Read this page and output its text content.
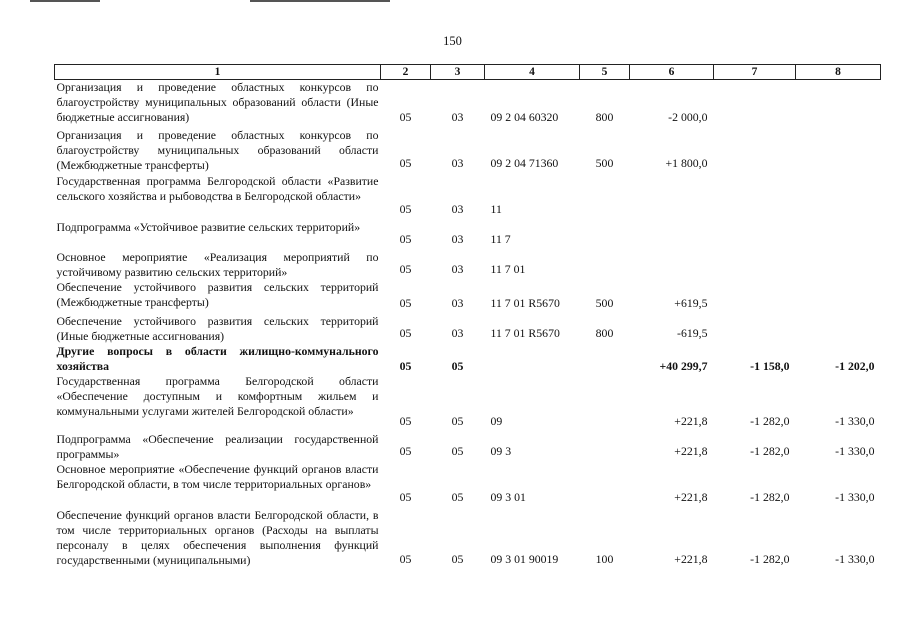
150
1	2	3	4	5	6	7	8
Организация и проведение областных конкурсов по благоустройству муниципальных образований области (Иные бюджетные ассигнования)	05	03	09 2 04 60320	800	-2 000,0		
Организация и проведение областных конкурсов по благоустройству муниципальных образований области (Межбюджетные трансферты)	05	03	09 2 04 71360	500	+1 800,0		
Государственная программа Белгородской области «Развитие сельского хозяйства и рыбоводства в Белгородской области»	05	03	11				
Подпрограмма «Устойчивое развитие сельских территорий»	05	03	11 7				
Основное мероприятие «Реализация мероприятий по устойчивому развитию сельских территорий»	05	03	11 7 01				
Обеспечение устойчивого развития сельских территорий (Межбюджетные трансферты)	05	03	11 7 01 R5670	500	+619,5		
Обеспечение устойчивого развития сельских территорий (Иные бюджетные ассигнования)	05	03	11 7 01 R5670	800	-619,5		
Другие вопросы в области жилищно-коммунального хозяйства	05	05			+40 299,7	-1 158,0	-1 202,0
Государственная программа Белгородской области «Обеспечение доступным и комфортным жильем и коммунальными услугами жителей Белгородской области»	05	05	09		+221,8	-1 282,0	-1 330,0
Подпрограмма «Обеспечение реализации государственной программы»	05	05	09 3		+221,8	-1 282,0	-1 330,0
Основное мероприятие «Обеспечение функций органов власти Белгородской области, в том числе территориальных органов»	05	05	09 3 01		+221,8	-1 282,0	-1 330,0
Обеспечение функций органов власти Белгородской области, в том числе территориальных органов (Расходы на выплаты персоналу в целях обеспечения выполнения функций государственными (муниципальными)	05	05	09 3 01 90019	100	+221,8	-1 282,0	-1 330,0
